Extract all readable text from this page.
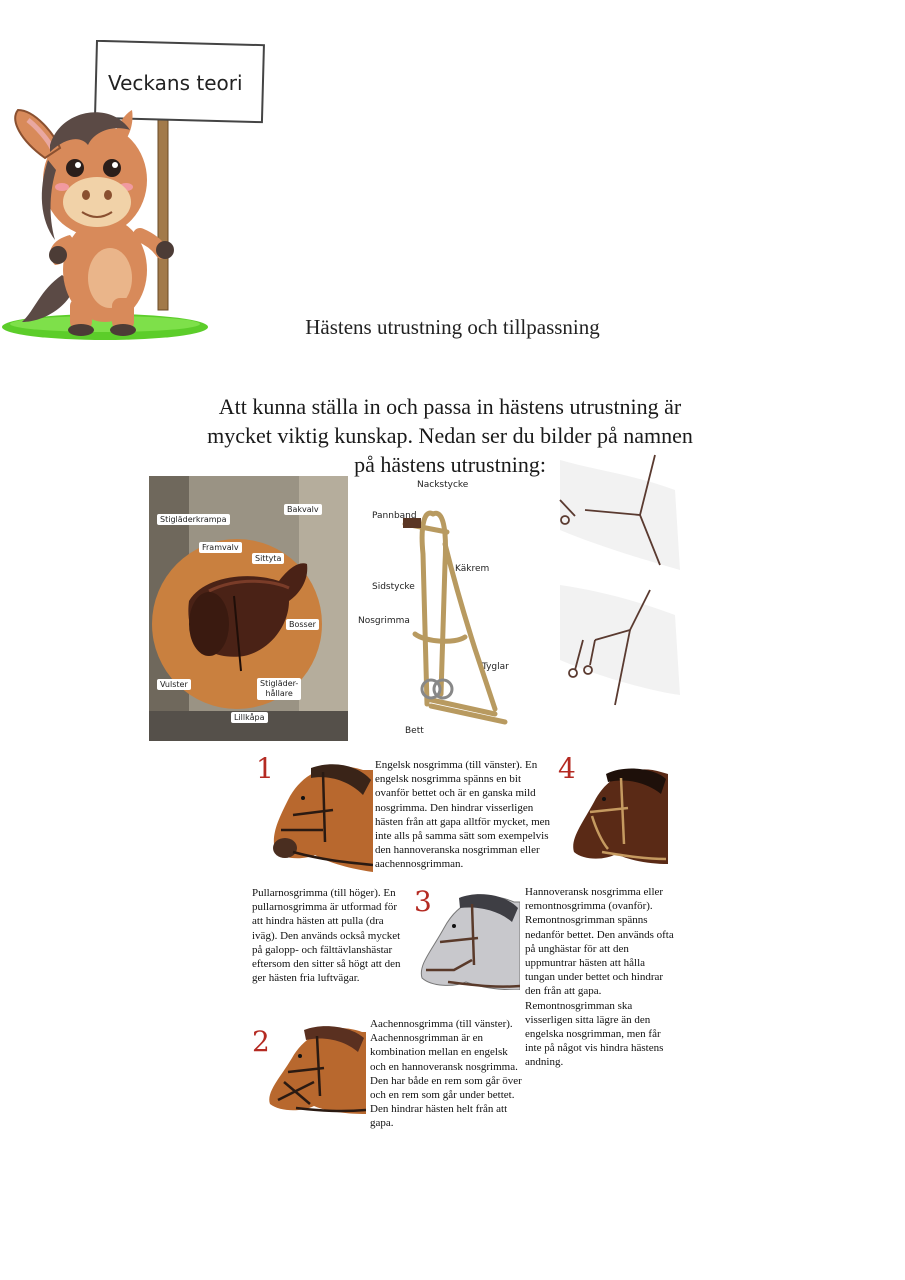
Veckans teori
Hästens utrustning och tillpassning
Att kunna ställa in och passa in hästens utrustning är
mycket viktig kunskap. Nedan ser du bilder på namnen
på hästens utrustning:
Stigläderkrampa
Bakvalv
Framvalv
Sittyta
Bosser
Vulster	Stigläder-
hållare
Lillkåpa
Nackstycke
Pannband
Käkrem
Sidstycke
Nosgrimma
Tyglar
Bett
1	Engelsk nosgrimma (till vänster). En engelsk nosgrimma spänns en bit ovanför bettet och är en ganska mild nosgrimma. Den hindrar visserligen hästen från att gapa alltför mycket, men inte alls på samma sätt som exempelvis den hannoveranska nosgrimman eller aachennosgrimman.
4
Pullarnosgrimma (till höger). En pullarnosgrimma är utformad för att hindra hästen att pulla (dra iväg). Den används också mycket på galopp- och fälttävlanshästar eftersom den sitter så högt att den ger hästen fria luftvägar.
3	Hannoveransk nosgrimma eller remontnosgrimma (ovanför). Remontnosgrimman spänns nedanför bettet. Den används ofta på unghästar för att den uppmuntrar hästen att hålla tungan under bettet och hindrar den från att gapa. Remontnosgrimman ska visserligen sitta lägre än den engelska nosgrimman, men får inte på något vis hindra hästens andning.
2
Aachennosgrimma (till vänster). Aachennosgrimman är en kombination mellan en engelsk och en hannoveransk nosgrimma. Den har både en rem som går över och en rem som går under bettet. Den hindrar hästen helt från att gapa.
